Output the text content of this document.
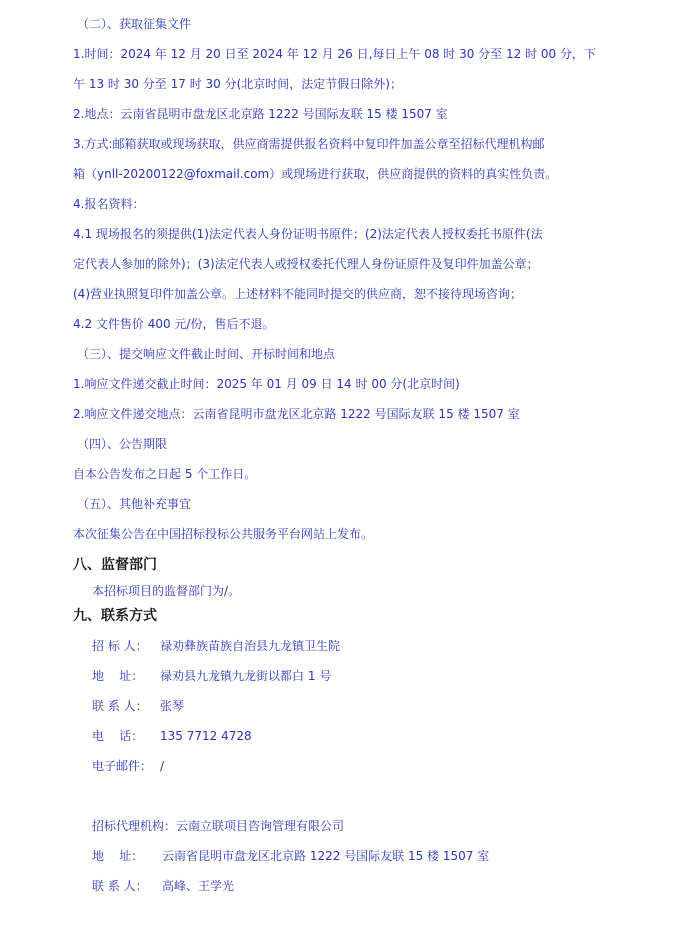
（二）、获取征集文件
1.时间：2024 年 12 月 20 日至 2024 年 12 月 26 日,每日上午 08 时 30 分至 12 时 00 分，下
午 13 时 30 分至 17 时 30 分(北京时间，法定节假日除外)；
2.地点：云南省昆明市盘龙区北京路 1222 号国际友联 15 楼 1507 室
3.方式:邮箱获取或现场获取，供应商需提供报名资料中复印件加盖公章至招标代理机构邮
箱（ynll-20200122@foxmail.com）或现场进行获取，供应商提供的资料的真实性负责。
4.报名资料：
4.1 现场报名的须提供(1)法定代表人身份证明书原件；(2)法定代表人授权委托书原件(法
定代表人参加的除外)；(3)法定代表人或授权委托代理人身份证原件及复印件加盖公章；
(4)营业执照复印件加盖公章。上述材料不能同时提交的供应商，恕不接待现场咨询；
4.2 文件售价 400 元/份，售后不退。
（三）、提交响应文件截止时间、开标时间和地点
1.响应文件递交截止时间：2025 年 01 月 09 日 14 时 00 分(北京时间)
2.响应文件递交地点：云南省昆明市盘龙区北京路 1222 号国际友联 15 楼 1507 室
（四）、公告期限
自本公告发布之日起 5 个工作日。
（五）、其他补充事宜
本次征集公告在中国招标投标公共服务平台网站上发布。
八、监督部门
本招标项目的监督部门为/。
九、联系方式
招 标 人： 禄劝彝族苗族自治县九龙镇卫生院
地    址： 禄劝县九龙镇九龙街以都白 1 号
联 系 人： 张琴
电    话： 135 7712 4728
电子邮件： /
招标代理机构：云南立联项目咨询管理有限公司
地    址： 云南省昆明市盘龙区北京路 1222 号国际友联 15 楼 1507 室
联 系 人： 高峰、王学光
